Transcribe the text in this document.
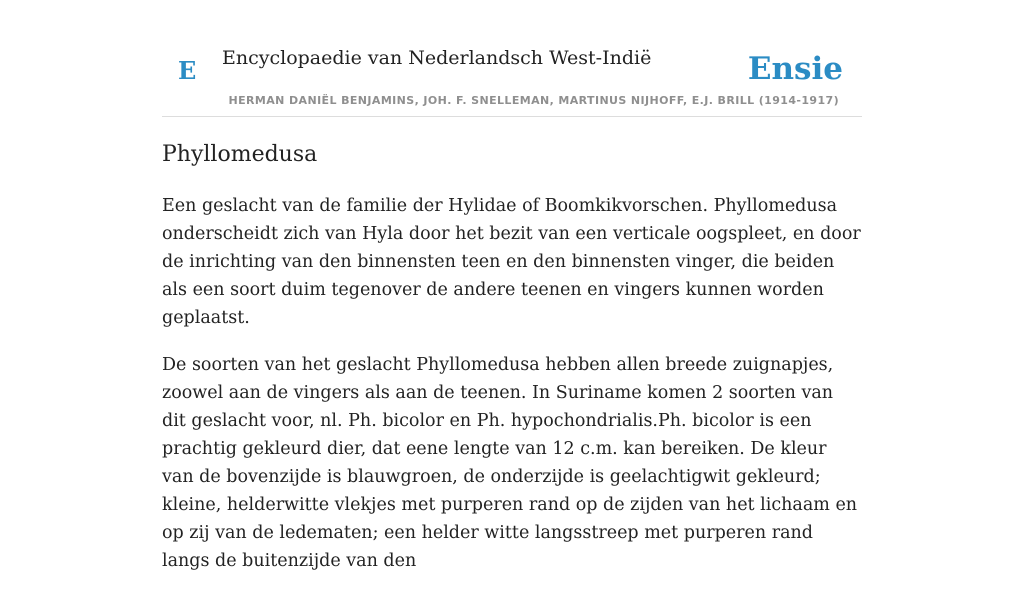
E Encyclopaedie van Nederlandsch West-Indië	Ensie
HERMAN DANIËL BENJAMINS, JOH. F. SNELLEMAN, MARTINUS NIJHOFF, E.J. BRILL (1914-1917)
Phyllomedusa

Een geslacht van de familie der Hylidae of Boomkikvorschen. Phyllomedusa onderscheidt zich van Hyla door het bezit van een verticale oogspleet, en door de inrichting van den binnensten teen en den binnensten vinger, die beiden als een soort duim tegenover de andere teenen en vingers kunnen worden geplaatst.

De soorten van het geslacht Phyllomedusa hebben allen breede zuignapjes, zoowel aan de vingers als aan de teenen. In Suriname komen 2 soorten van dit geslacht voor, nl. Ph. bicolor en Ph. hypochondrialis.Ph. bicolor is een prachtig gekleurd dier, dat eene lengte van 12 c.m. kan bereiken. De kleur van de bovenzijde is blauwgroen, de onderzijde is geelachtigwit gekleurd; kleine, helderwitte vlekjes met purperen rand op de zijden van het lichaam en op zij van de ledematen; een helder witte langsstreep met purperen rand langs de buitenzijde van den
